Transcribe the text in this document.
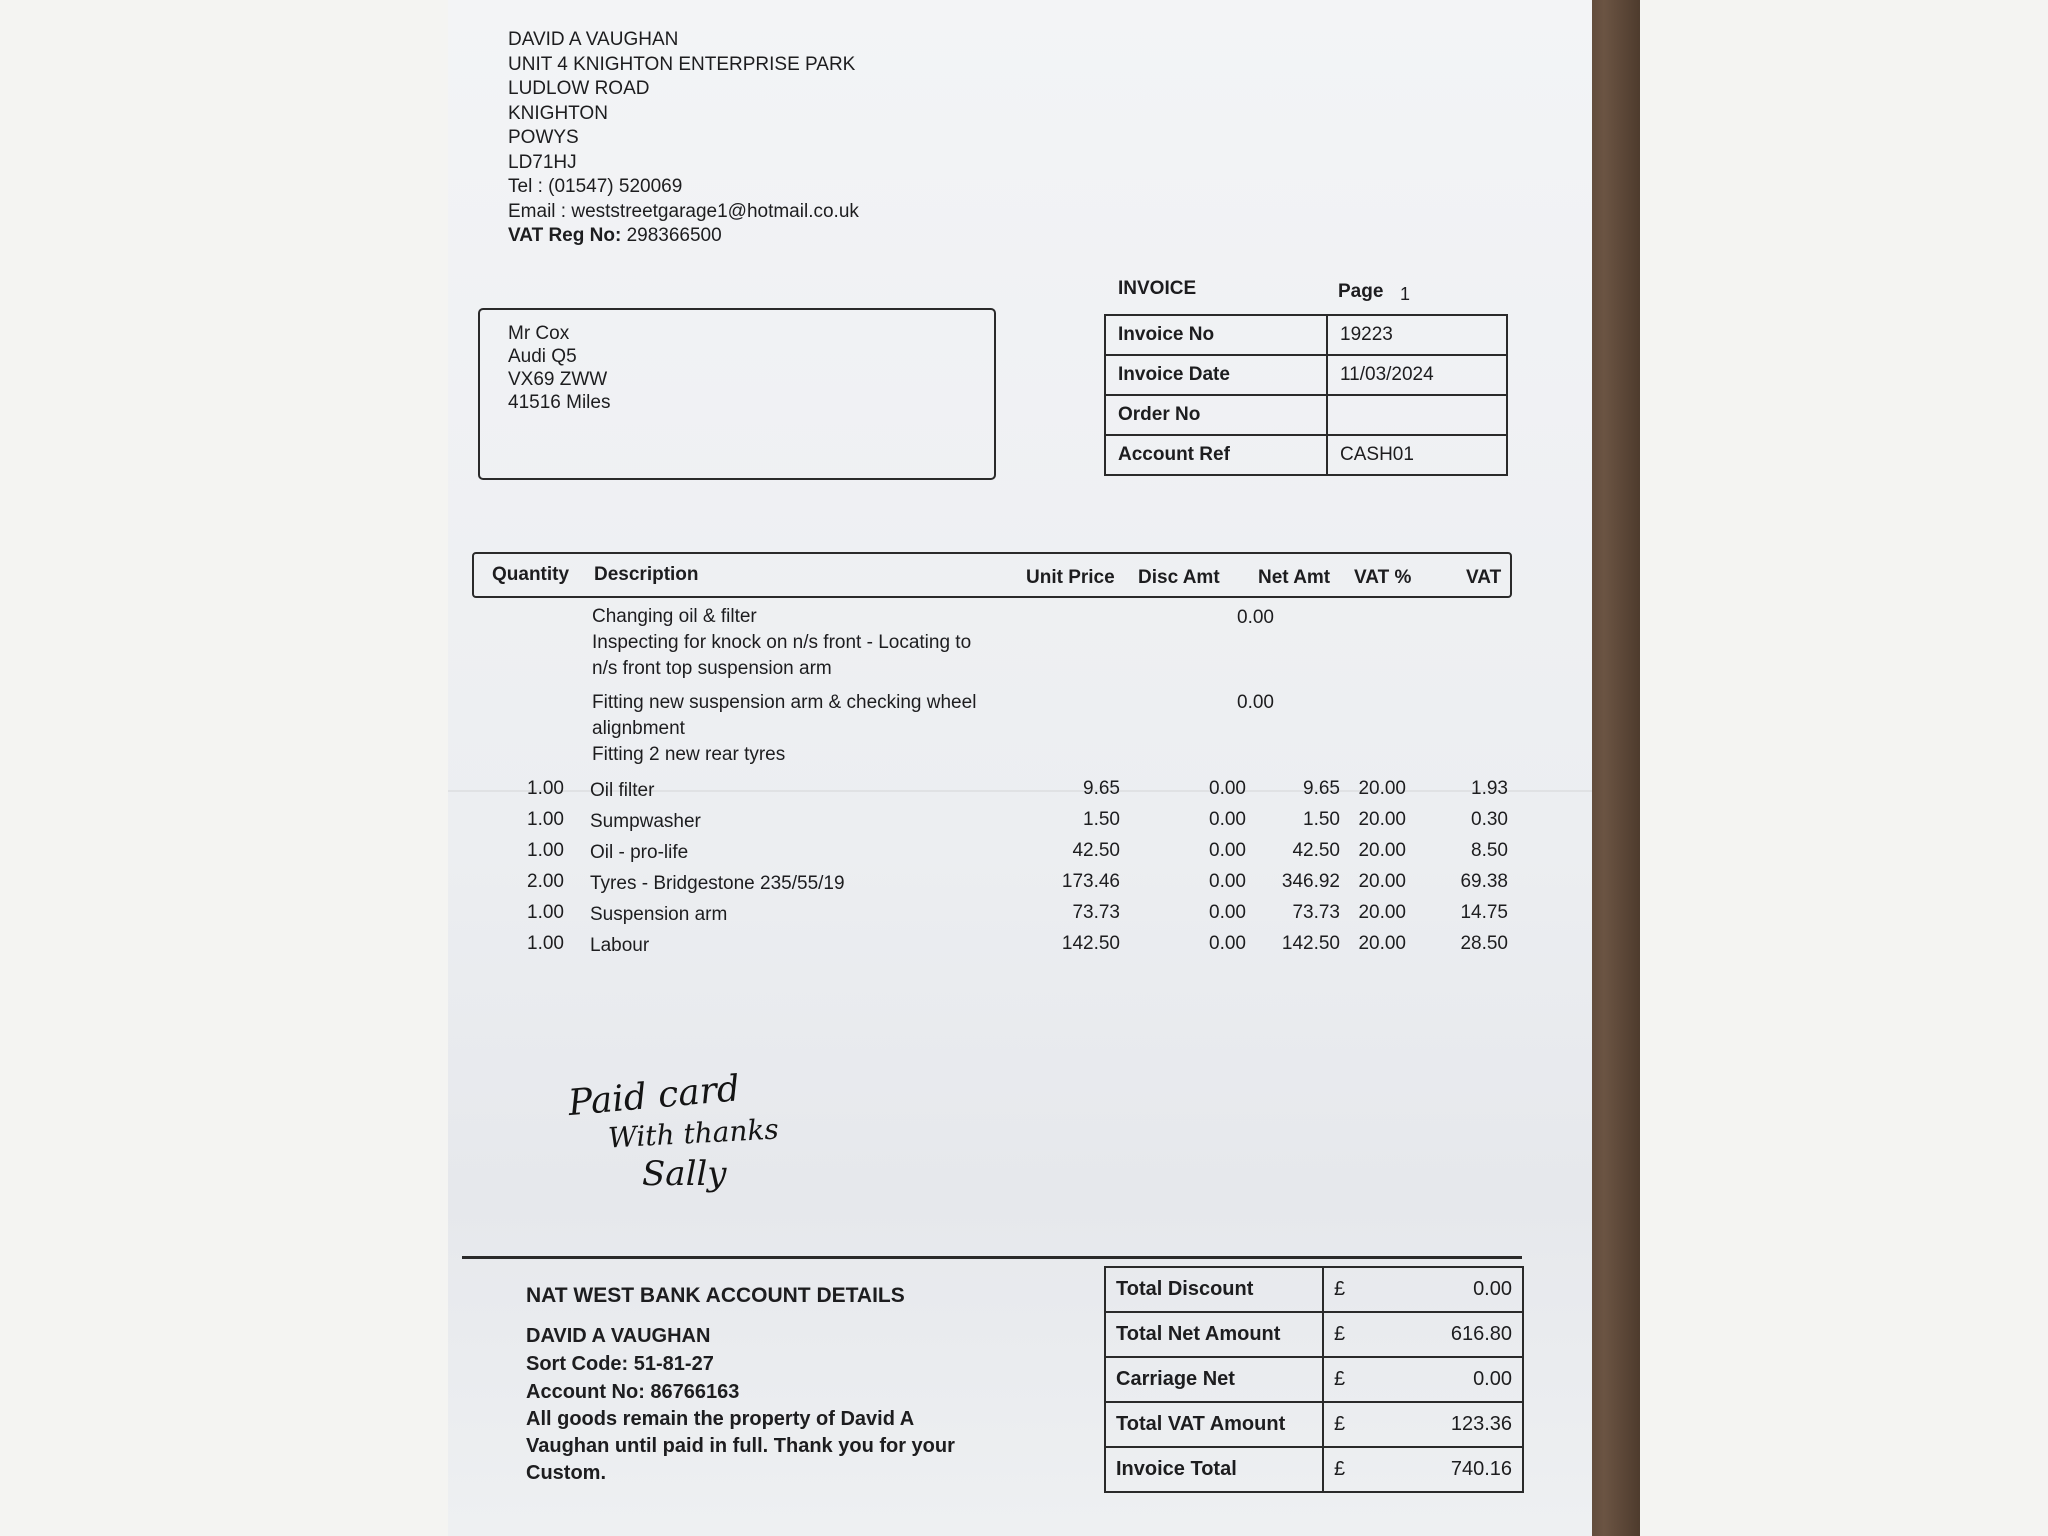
DAVID A VAUGHAN
UNIT 4 KNIGHTON ENTERPRISE PARK
LUDLOW ROAD
KNIGHTON
POWYS
LD71HJ
Tel : (01547) 520069
Email : weststreetgarage1@hotmail.co.uk
VAT Reg No: 298366500
INVOICE	Page 1
Mr Cox
Audi Q5
VX69 ZWW
41516 Miles
Invoice No	19223
Invoice Date	11/03/2024
Order No	
Account Ref	CASH01
Quantity Description	Unit Price Disc Amt Net Amt VAT %	VAT
Changing oil & filter
Inspecting for knock on n/s front - Locating to
n/s front top suspension arm
0.00
Fitting new suspension arm & checking wheel
alignbment
Fitting 2 new rear tyres
0.00
1.00 Oil filter	9.65	0.00	9.65 20.00	1.93
1.00 Sumpwasher	1.50	0.00	1.50 20.00	0.30
1.00 Oil - pro-life	42.50	0.00	42.50 20.00	8.50
2.00 Tyres - Bridgestone 235/55/19	173.46	0.00	346.92 20.00	69.38
1.00 Suspension arm	73.73	0.00	73.73 20.00	14.75
1.00 Labour	142.50	0.00	142.50 20.00	28.50
Paid card
With thanks
Sally
NAT WEST BANK ACCOUNT DETAILS
DAVID A VAUGHAN
Sort Code: 51-81-27
Account No: 86766163
All goods remain the property of David A Vaughan until paid in full. Thank you for your Custom.
Total Discount	£	0.00
Total Net Amount	£	616.80
Carriage Net	£	0.00
Total VAT Amount	£	123.36
Invoice Total	£	740.16
